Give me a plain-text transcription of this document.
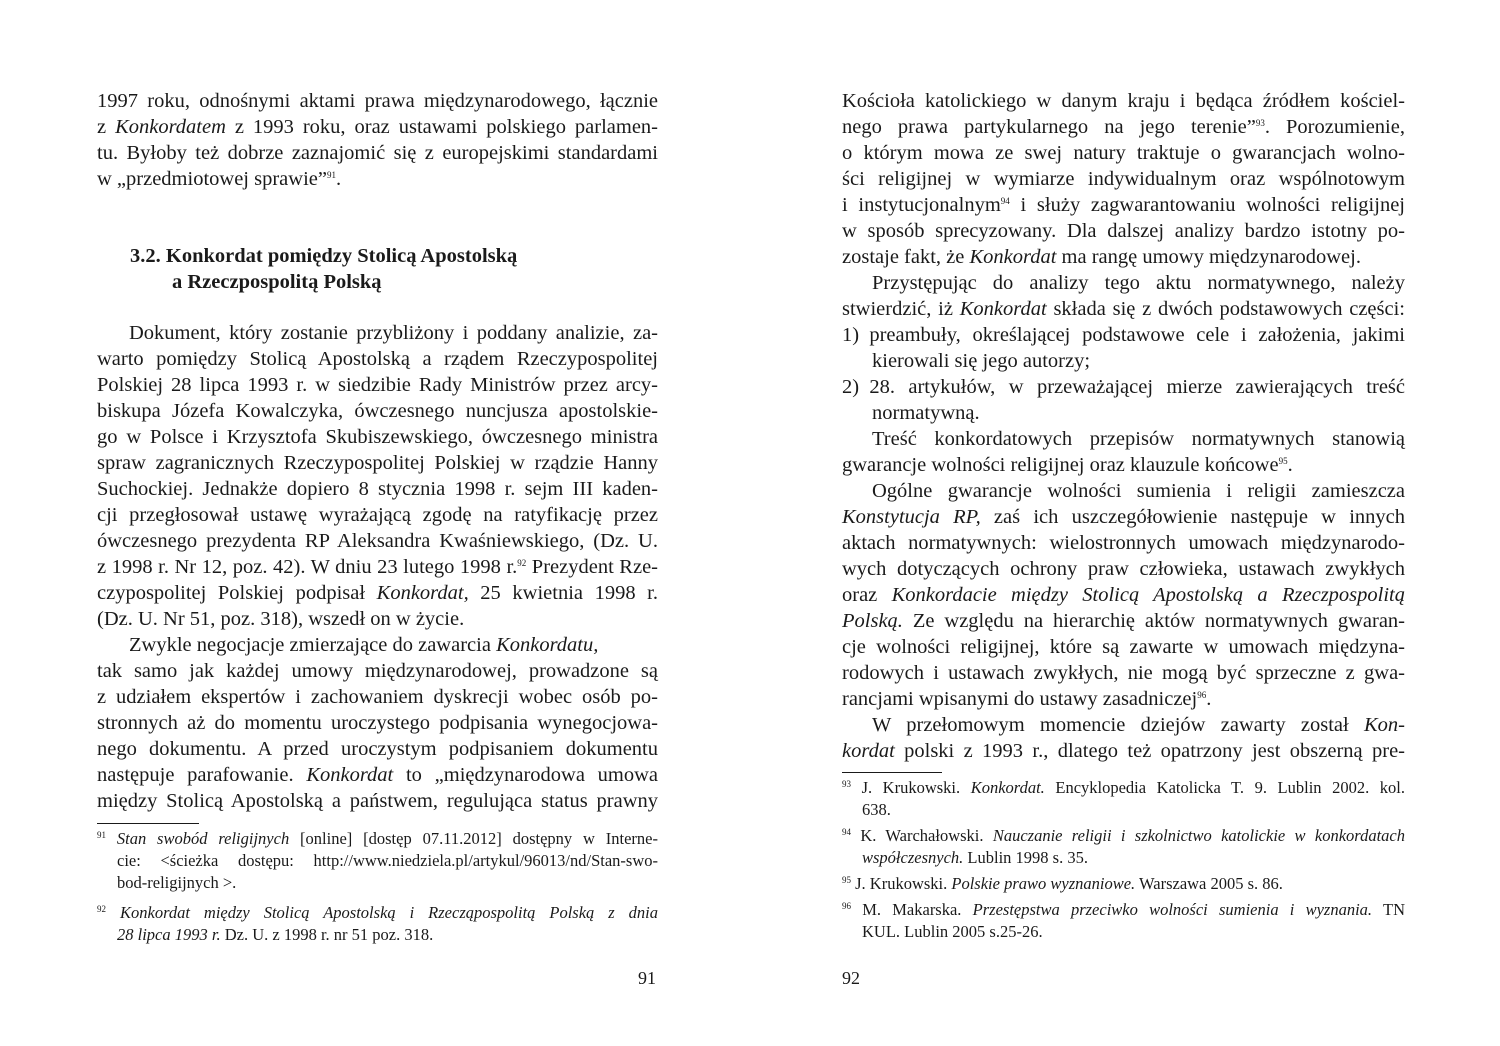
1997 roku, odnośnymi aktami prawa międzynarodowego, łącznie
z Konkordatem z 1993 roku, oraz ustawami polskiego parlamen-
tu. Byłoby też dobrze zaznajomić się z europejskimi standardami
w „przedmiotowej sprawie”$^{91}$.
3.2. Konkordat pomiędzy Stolicą Apostolską
a Rzeczpospolitą Polską
Dokument, który zostanie przybliżony i poddany analizie, za-
warto pomiędzy Stolicą Apostolską a rządem Rzeczypospolitej
Polskiej 28 lipca 1993 r. w siedzibie Rady Ministrów przez arcy-
biskupa Józefa Kowalczyka, ówczesnego nuncjusza apostolskie-
go w Polsce i Krzysztofa Skubiszewskiego, ówczesnego ministra
spraw zagranicznych Rzeczypospolitej Polskiej w rządzie Hanny
Suchockiej. Jednakże dopiero 8 stycznia 1998 r. sejm III kaden-
cji przegłosował ustawę wyrażającą zgodę na ratyfikację przez
ówczesnego prezydenta RP Aleksandra Kwaśniewskiego, (Dz. U.
z 1998 r. Nr 12, poz. 42). W dniu 23 lutego 1998 r.$^{92}$ Prezydent Rze-
czypospolitej Polskiej podpisał Konkordat, 25 kwietnia 1998 r.
(Dz. U. Nr 51, poz. 318), wszedł on w życie.
Zwykle negocjacje zmierzające do zawarcia Konkordatu,
tak samo jak każdej umowy międzynarodowej, prowadzone są
z udziałem ekspertów i zachowaniem dyskrecji wobec osób po-
stronnych aż do momentu uroczystego podpisania wynegocjowa-
nego dokumentu. A przed uroczystym podpisaniem dokumentu
następuje parafowanie. Konkordat to „międzynarodowa umowa
między Stolicą Apostolską a państwem, regulująca status prawny
$^{91}$ Stan swobód religijnych [online] [dostęp 07.11.2012] dostępny w Interne-
cie: <ścieżka dostępu: http://www.niedziela.pl/artykul/96013/nd/Stan-swo-
bod-religijnych >.
$^{92}$ Konkordat między Stolicą Apostolską i Rzecząpospolitą Polską z dnia
28 lipca 1993 r. Dz. U. z 1998 r. nr 51 poz. 318.
91
Kościoła katolickiego w danym kraju i będąca źródłem kościel-
nego prawa partykularnego na jego terenie”$^{93}$. Porozumienie,
o którym mowa ze swej natury traktuje o gwarancjach wolno-
ści religijnej w wymiarze indywidualnym oraz wspólnotowym
i instytucjonalnym$^{94}$ i służy zagwarantowaniu wolności religijnej
w sposób sprecyzowany. Dla dalszej analizy bardzo istotny po-
zostaje fakt, że Konkordat ma rangę umowy międzynarodowej.
Przystępując do analizy tego aktu normatywnego, należy
stwierdzić, iż Konkordat składa się z dwóch podstawowych części:
1) preambuły, określającej podstawowe cele i założenia, jakimi
kierowali się jego autorzy;
2) 28. artykułów, w przeważającej mierze zawierających treść
normatywną.
Treść konkordatowych przepisów normatywnych stanowią
gwarancje wolności religijnej oraz klauzule końcowe$^{95}$.
Ogólne gwarancje wolności sumienia i religii zamieszcza
Konstytucja RP, zaś ich uszczegółowienie następuje w innych
aktach normatywnych: wielostronnych umowach międzynarodo-
wych dotyczących ochrony praw człowieka, ustawach zwykłych
oraz Konkordacie między Stolicą Apostolską a Rzeczpospolitą
Polską. Ze względu na hierarchię aktów normatywnych gwaran-
cje wolności religijnej, które są zawarte w umowach międzyna-
rodowych i ustawach zwykłych, nie mogą być sprzeczne z gwa-
rancjami wpisanymi do ustawy zasadniczej$^{96}$.
W przełomowym momencie dziejów zawarty został Kon-
kordat polski z 1993 r., dlatego też opatrzony jest obszerną pre-
$^{93}$ J. Krukowski. Konkordat. Encyklopedia Katolicka T. 9. Lublin 2002. kol.
638.
$^{94}$ K. Warchałowski. Nauczanie religii i szkolnictwo katolickie w konkordatach
współczesnych. Lublin 1998 s. 35.
$^{95}$ J. Krukowski. Polskie prawo wyznaniowe. Warszawa 2005 s. 86.
$^{96}$ M. Makarska. Przestępstwa przeciwko wolności sumienia i wyznania. TN
KUL. Lublin 2005 s.25-26.
92
